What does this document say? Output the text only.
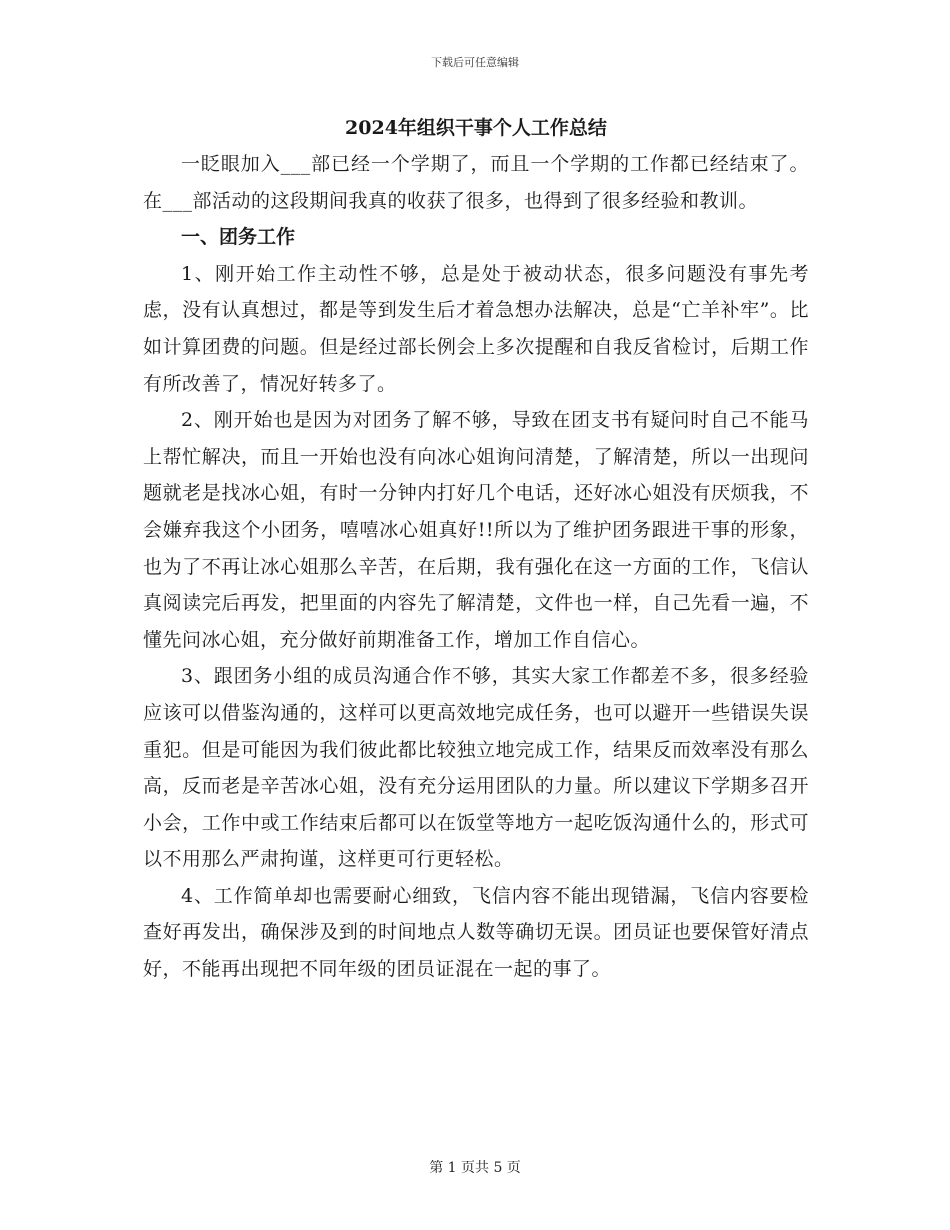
下载后可任意编辑

2024年组织干事个人工作总结

一眨眼加入___部已经一个学期了，而且一个学期的工作都已经结束了。在___部活动的这段期间我真的收获了很多，也得到了很多经验和教训。

一、团务工作

1、刚开始工作主动性不够，总是处于被动状态，很多问题没有事先考虑，没有认真想过，都是等到发生后才着急想办法解决，总是“亡羊补牢”。比如计算团费的问题。但是经过部长例会上多次提醒和自我反省检讨，后期工作有所改善了，情况好转多了。

2、刚开始也是因为对团务了解不够，导致在团支书有疑问时自己不能马上帮忙解决，而且一开始也没有向冰心姐询问清楚，了解清楚，所以一出现问题就老是找冰心姐，有时一分钟内打好几个电话，还好冰心姐没有厌烦我，不会嫌弃我这个小团务，嘻嘻冰心姐真好!!所以为了维护团务跟进干事的形象，也为了不再让冰心姐那么辛苦，在后期，我有强化在这一方面的工作，飞信认真阅读完后再发，把里面的内容先了解清楚，文件也一样，自己先看一遍，不懂先问冰心姐，充分做好前期准备工作，增加工作自信心。

3、跟团务小组的成员沟通合作不够，其实大家工作都差不多，很多经验应该可以借鉴沟通的，这样可以更高效地完成任务，也可以避开一些错误失误重犯。但是可能因为我们彼此都比较独立地完成工作，结果反而效率没有那么高，反而老是辛苦冰心姐，没有充分运用团队的力量。所以建议下学期多召开小会，工作中或工作结束后都可以在饭堂等地方一起吃饭沟通什么的，形式可以不用那么严肃拘谨，这样更可行更轻松。

4、工作简单却也需要耐心细致，飞信内容不能出现错漏，飞信内容要检查好再发出，确保涉及到的时间地点人数等确切无误。团员证也要保管好清点好，不能再出现把不同年级的团员证混在一起的事了。

第 1 页共 5 页
